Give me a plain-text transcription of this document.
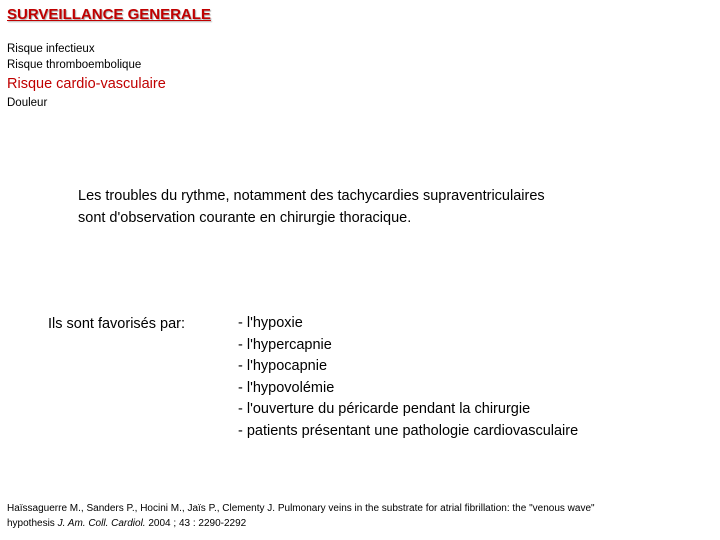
SURVEILLANCE GENERALE
Risque infectieux
Risque thromboembolique
Risque cardio-vasculaire
Douleur
Les troubles du rythme, notamment des tachycardies supraventriculaires
sont d'observation courante en chirurgie thoracique.
Ils sont favorisés par:	- l'hypoxie
- l'hypercapnie
- l'hypocapnie
- l'hypovolémie
- l'ouverture du péricarde pendant la chirurgie
- patients présentant une pathologie cardiovasculaire
Haïssaguerre M., Sanders P., Hocini M., Jaïs P., Clementy J. Pulmonary veins in the substrate for atrial fibrillation: the "venous wave"
hypothesis J. Am. Coll. Cardiol. 2004 ; 43 : 2290-2292
